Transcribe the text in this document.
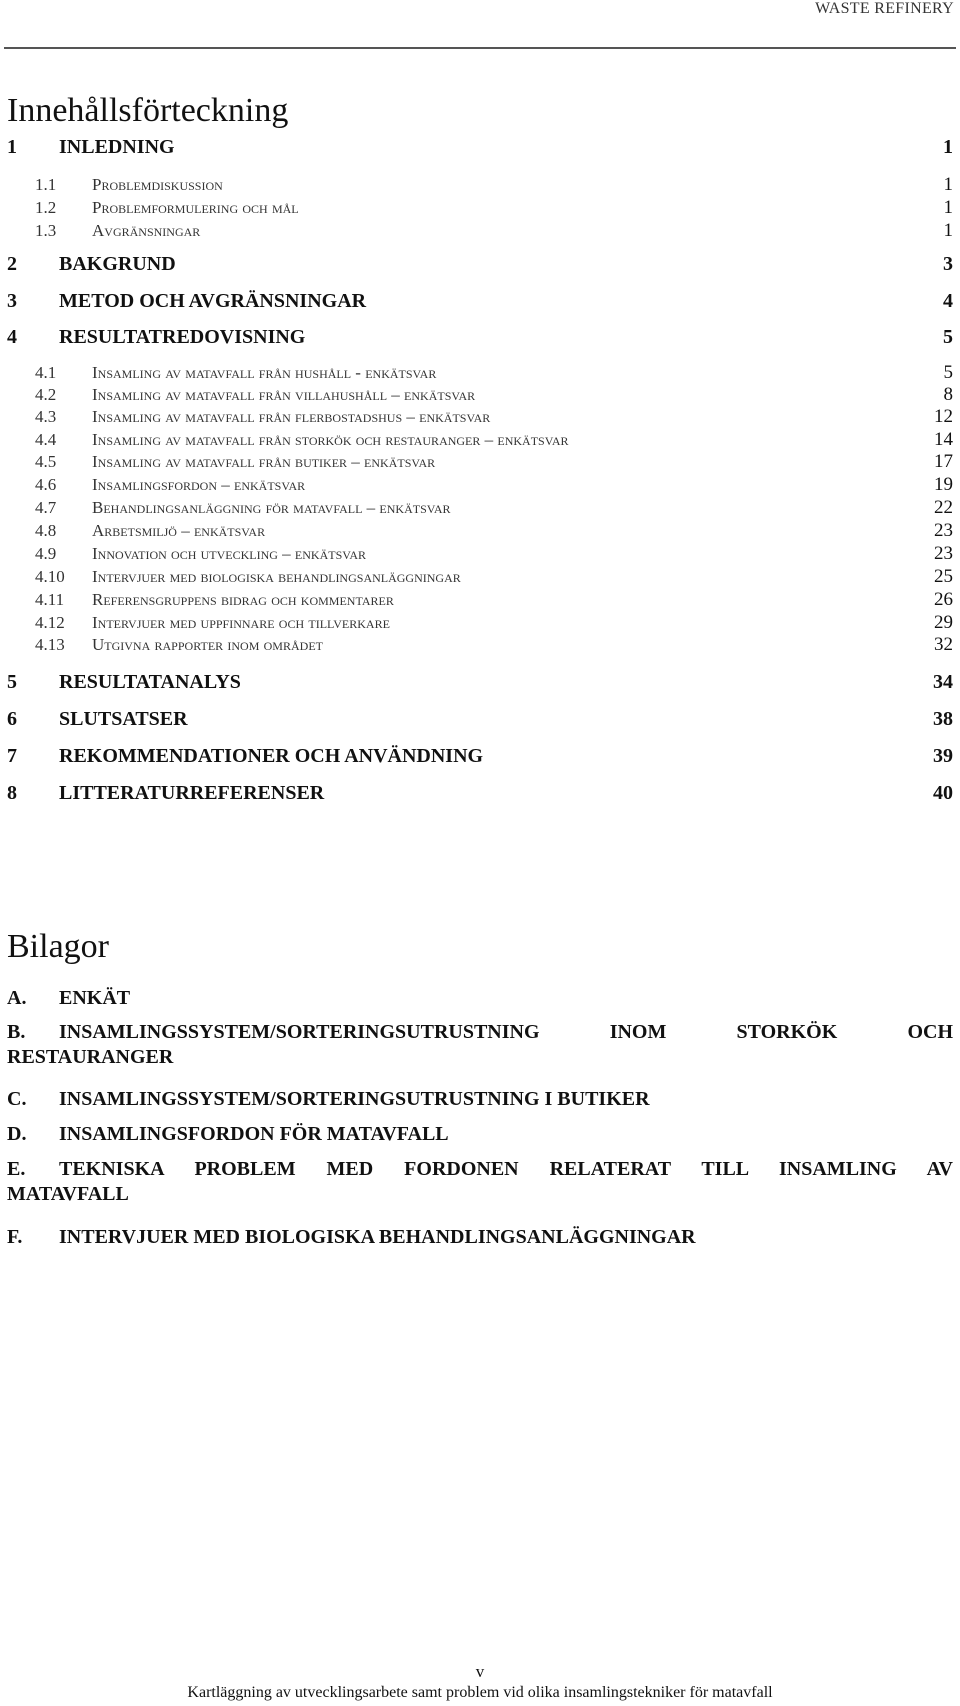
WASTE REFINERY
Innehållsförteckning
1	INLEDNING	1
1.1	Problemdiskussion	1
1.2	Problemformulering och mål	1
1.3	Avgränsningar	1
2	BAKGRUND	3
3	METOD OCH AVGRÄNSNINGAR	4
4	RESULTATREDOVISNING	5
4.1	Insamling av matavfall från hushåll - enkätsvar	5
4.2	Insamling av matavfall från villahushåll – enkätsvar	8
4.3	Insamling av matavfall från flerbostadshus – enkätsvar	12
4.4	Insamling av matavfall från storkök och restauranger – enkätsvar	14
4.5	Insamling av matavfall från butiker – enkätsvar	17
4.6	Insamlingsfordon – enkätsvar	19
4.7	Behandlingsanläggning för matavfall – enkätsvar	22
4.8	Arbetsmiljö – enkätsvar	23
4.9	Innovation och utveckling – enkätsvar	23
4.10	Intervjuer med biologiska behandlingsanläggningar	25
4.11	Referensgruppens bidrag och kommentarer	26
4.12	Intervjuer med uppfinnare och tillverkare	29
4.13	Utgivna rapporter inom området	32
5	RESULTATANALYS	34
6	SLUTSATSER	38
7	REKOMMENDATIONER OCH ANVÄNDNING	39
8	LITTERATURREFERENSER	40
Bilagor
A. ENKÄT
B. INSAMLINGSSYSTEM/SORTERINGSUTRUSTNING INOM STORKÖK OCH
RESTAURANGER
C. INSAMLINGSSYSTEM/SORTERINGSUTRUSTNING I BUTIKER
D. INSAMLINGSFORDON FÖR MATAVFALL
E. TEKNISKA PROBLEM MED FORDONEN RELATERAT TILL INSAMLING AV
MATAVFALL
F. INTERVJUER MED BIOLOGISKA BEHANDLINGSANLÄGGNINGAR
v
Kartläggning av utvecklingsarbete samt problem vid olika insamlingstekniker för matavfall
